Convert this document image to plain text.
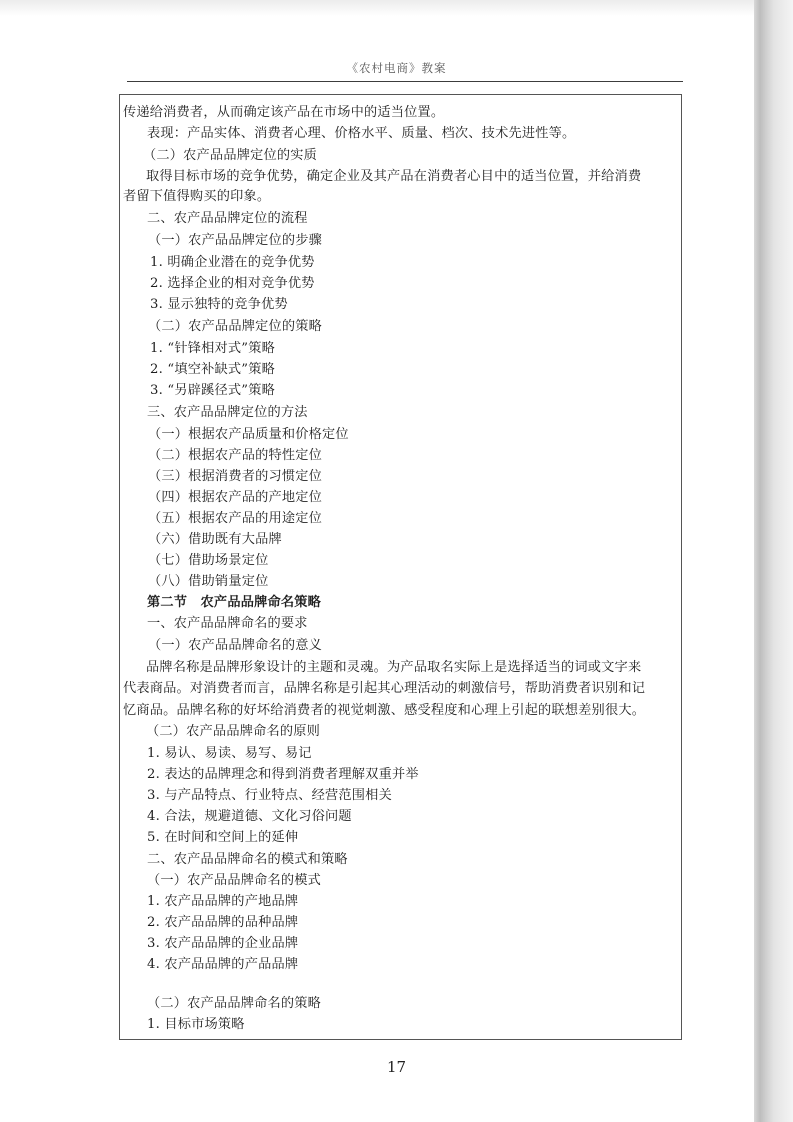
《农村电商》教案
传递给消费者，从而确定该产品在市场中的适当位置。
表现：产品实体、消费者心理、价格水平、质量、档次、技术先进性等。
（二）农产品品牌定位的实质
取得目标市场的竞争优势，确定企业及其产品在消费者心目中的适当位置，并给消费
者留下值得购买的印象。
二、农产品品牌定位的流程
（一）农产品品牌定位的步骤
1. 明确企业潜在的竞争优势
2. 选择企业的相对竞争优势
3. 显示独特的竞争优势
（二）农产品品牌定位的策略
1. “针锋相对式”策略
2. “填空补缺式”策略
3. “另辟蹊径式”策略
三、农产品品牌定位的方法
（一）根据农产品质量和价格定位
（二）根据农产品的特性定位
（三）根据消费者的习惯定位
（四）根据农产品的产地定位
（五）根据农产品的用途定位
（六）借助既有大品牌
（七）借助场景定位
（八）借助销量定位
第二节　农产品品牌命名策略
一、农产品品牌命名的要求
（一）农产品品牌命名的意义
品牌名称是品牌形象设计的主题和灵魂。为产品取名实际上是选择适当的词或文字来
代表商品。对消费者而言，品牌名称是引起其心理活动的刺激信号，帮助消费者识别和记
忆商品。品牌名称的好坏给消费者的视觉刺激、感受程度和心理上引起的联想差别很大。
（二）农产品品牌命名的原则
1. 易认、易读、易写、易记
2. 表达的品牌理念和得到消费者理解双重并举
3. 与产品特点、行业特点、经营范围相关
4. 合法，规避道德、文化习俗问题
5. 在时间和空间上的延伸
二、农产品品牌命名的模式和策略
（一）农产品品牌命名的模式
1. 农产品品牌的产地品牌
2. 农产品品牌的品种品牌
3. 农产品品牌的企业品牌
4. 农产品品牌的产品品牌
（二）农产品品牌命名的策略
1. 目标市场策略
17
